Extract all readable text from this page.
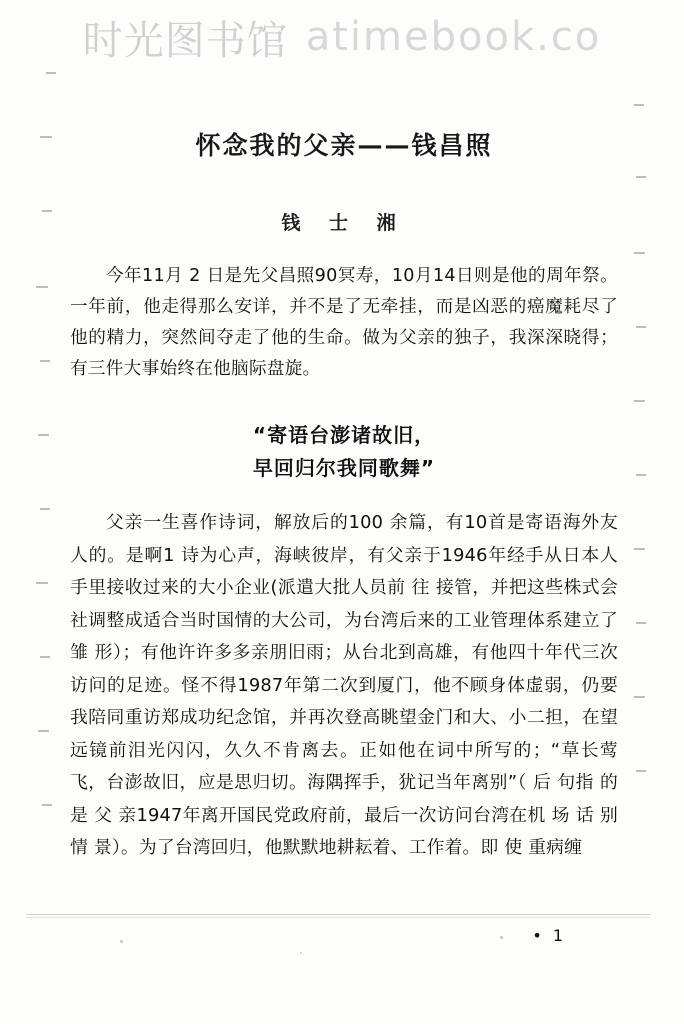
怀念我的父亲——钱昌照
钱 士 湘
今年11月 2 日是先父昌照90冥寿，10月14日则是他的周年祭。一年前，他走得那么安详，并不是了无牵挂，而是凶恶的癌魔耗尽了他的精力，突然间夺走了他的生命。做为父亲的独子，我深深晓得；有三件大事始终在他脑际盘旋。
“寄语台澎诸故旧，
早回归尔我同歌舞”
父亲一生喜作诗词，解放后的100 余篇，有10首是寄语海外友人的。是啊1 诗为心声，海峡彼岸，有父亲于1946年经手从日本人手里接收过来的大小企业(派遣大批人员前 往 接管，并把这些株式会社调整成适合当时国情的大公司，为台湾后来的工业管理体系建立了雏 形）；有他许许多多亲朋旧雨；从台北到高雄，有他四十年代三次访问的足迹。怪不得1987年第二次到厦门，他不顾身体虚弱，仍要我陪同重访郑成功纪念馆，并再次登高眺望金门和大、小二担，在望远镜前泪光闪闪，久久不肯离去。正如他在词中所写的；“草长莺飞，台澎故旧，应是思归切。海隅挥手，犹记当年离别”（ 后 句指 的 是 父 亲1947年离开国民党政府前，最后一次访问台湾在机 场 话 别 情 景）。为了台湾回归，他默默地耕耘着、工作着。即 使 重病缠
• 1
时光图书馆 atimebook.co
